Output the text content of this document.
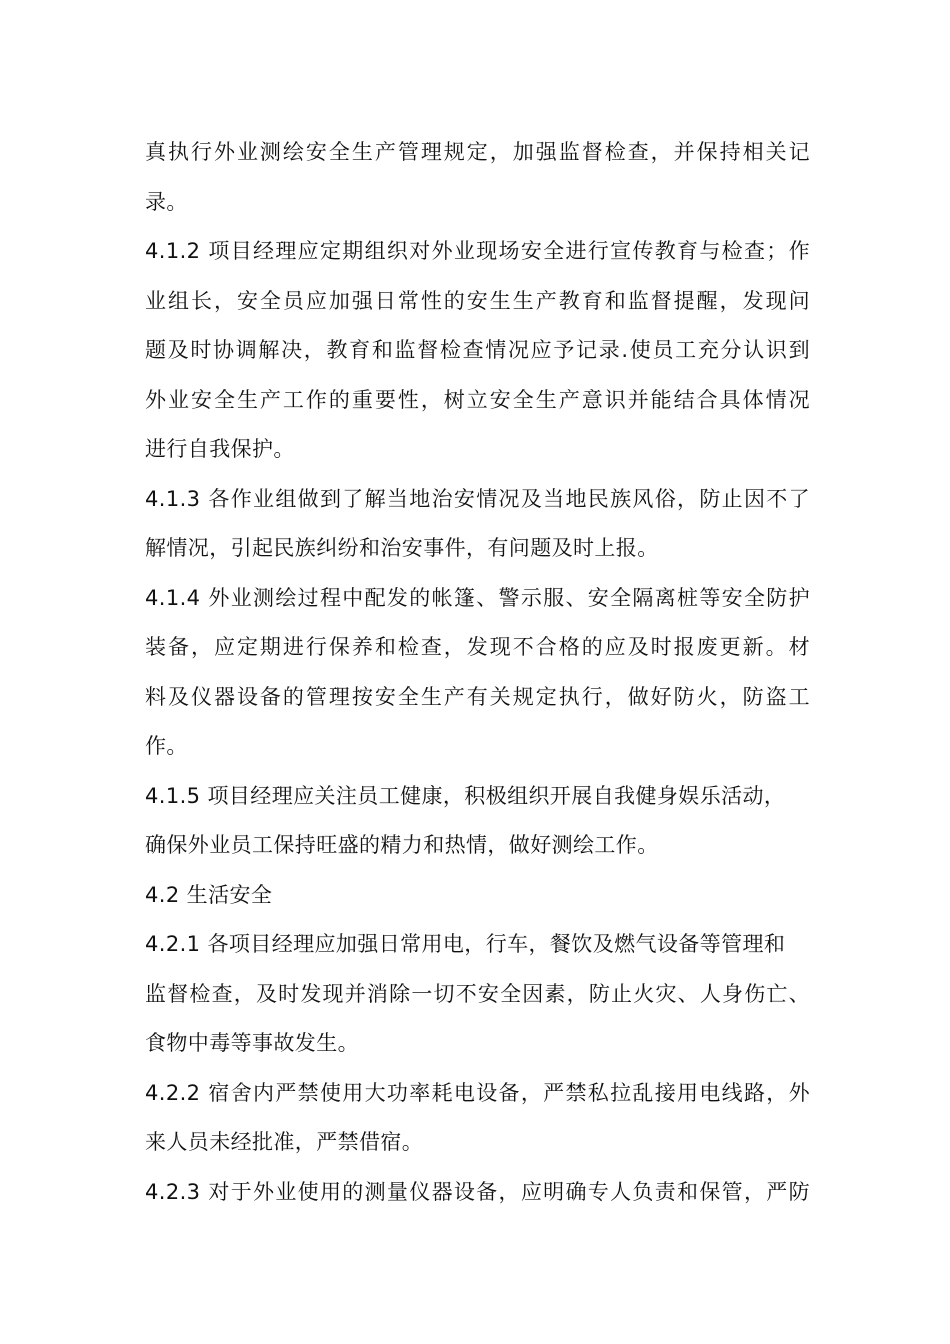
真执行外业测绘安全生产管理规定，加强监督检查，并保持相关记
录。
4.1.2 项目经理应定期组织对外业现场安全进行宣传教育与检查；作
业组长，安全员应加强日常性的安生生产教育和监督提醒，发现问
题及时协调解决，教育和监督检查情况应予记录.使员工充分认识到
外业安全生产工作的重要性，树立安全生产意识并能结合具体情况
进行自我保护。
4.1.3 各作业组做到了解当地治安情况及当地民族风俗，防止因不了
解情况，引起民族纠纷和治安事件，有问题及时上报。
4.1.4 外业测绘过程中配发的帐篷、警示服、安全隔离桩等安全防护
装备，应定期进行保养和检查，发现不合格的应及时报废更新。材
料及仪器设备的管理按安全生产有关规定执行，做好防火，防盗工
作。
4.1.5 项目经理应关注员工健康，积极组织开展自我健身娱乐活动，
确保外业员工保持旺盛的精力和热情，做好测绘工作。
4.2 生活安全
4.2.1 各项目经理应加强日常用电，行车，餐饮及燃气设备等管理和
监督检查，及时发现并消除一切不安全因素，防止火灾、人身伤亡、
食物中毒等事故发生。
4.2.2 宿舍内严禁使用大功率耗电设备，严禁私拉乱接用电线路，外
来人员未经批准，严禁借宿。
4.2.3 对于外业使用的测量仪器设备，应明确专人负责和保管，严防
